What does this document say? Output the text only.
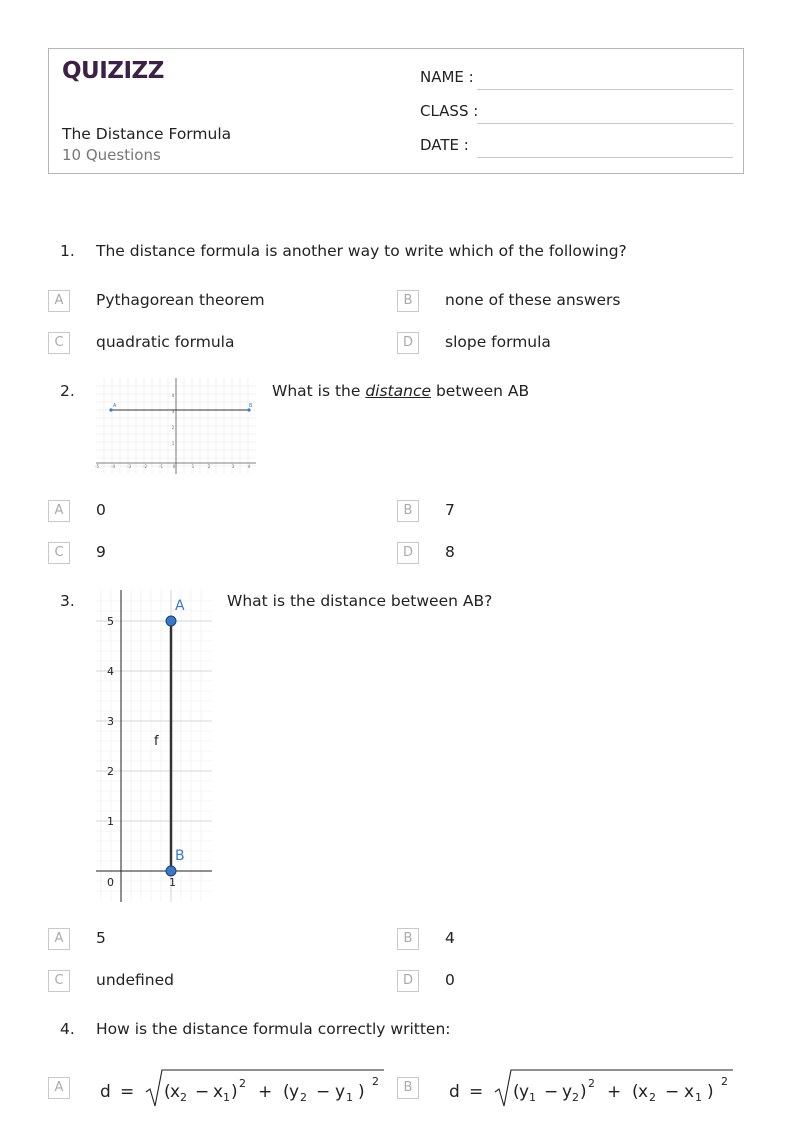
QUIZIZZ
The Distance Formula
10 Questions
NAME :
CLASS :
DATE :
1. The distance formula is another way to write which of the following?
A	Pythagorean theorem	B	none of these answers
C	quadratic formula	D	slope formula
2.
-5	-4	-3	-2	-1 0	1	2	3	4
4
3
2
1
A	B
What is the distance between AB
A	0	B	7
C	9	D	8
3.
5
4
3
2
1
0	1
A
B
f
What is the distance between AB?
A	5	B	4
C	undefined	D	0
4. How is the distance formula correctly written:
A	d = ( x 2 − x 1 ) 2 + ( y 2 − y 1 )
2	B	d = ( y 1 − y 2 ) 2 + ( x 2 − x 1 )
2
